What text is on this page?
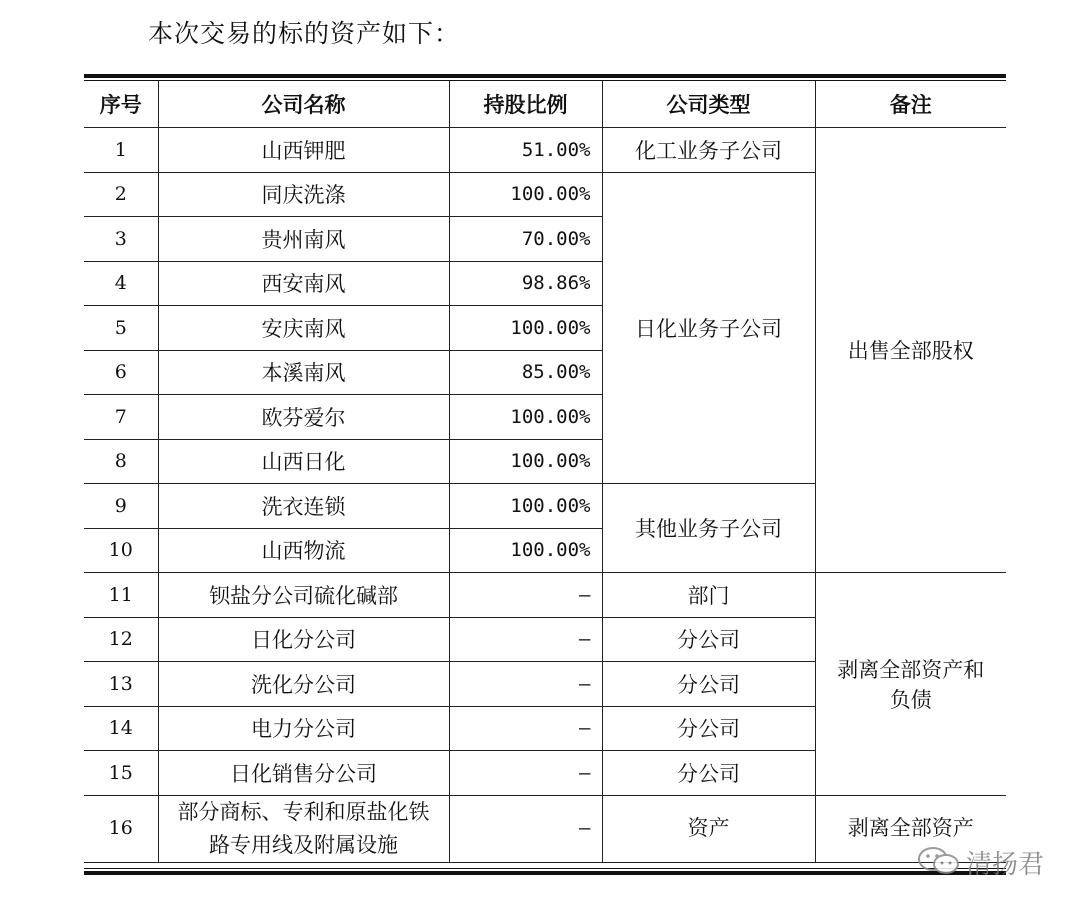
本次交易的标的资产如下：
序号	公司名称	持股比例	公司类型	备注
1	山西钾肥	51.00%	化工业务子公司	出售全部股权
2	同庆洗涤	100.00%	日化业务子公司	
3	贵州南风	70.00%		
4	西安南风	98.86%		
5	安庆南风	100.00%		
6	本溪南风	85.00%		
7	欧芬爱尔	100.00%		
8	山西日化	100.00%		
9	洗衣连锁	100.00%	其他业务子公司	
10	山西物流	100.00%		
11	钡盐分公司硫化碱部	—	部门	剥离全部资产和
负债
12	日化分公司	—	分公司	
13	洗化分公司	—	分公司	
14	电力分公司	—	分公司	
15	日化销售分公司	—	分公司	
16	部分商标、专利和原盐化铁
路专用线及附属设施	—	资产	剥离全部资产
清扬君
